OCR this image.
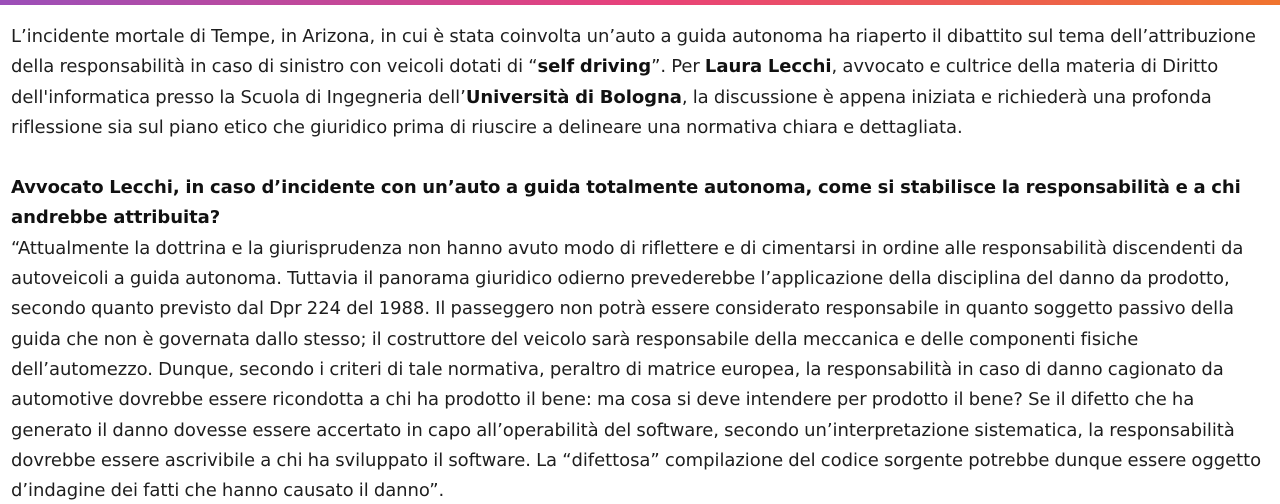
L’incidente mortale di Tempe, in Arizona, in cui è stata coinvolta un’auto a guida autonoma ha riaperto il dibattito sul tema dell’attribuzione della responsabilità in caso di sinistro con veicoli dotati di “self driving”. Per Laura Lecchi, avvocato e cultrice della materia di Diritto dell'informatica presso la Scuola di Ingegneria dell’Università di Bologna, la discussione è appena iniziata e richiederà una profonda riflessione sia sul piano etico che giuridico prima di riuscire a delineare una normativa chiara e dettagliata.

Avvocato Lecchi, in caso d’incidente con un’auto a guida totalmente autonoma, come si stabilisce la responsabilità e a chi andrebbe attribuita?

“Attualmente la dottrina e la giurisprudenza non hanno avuto modo di riflettere e di cimentarsi in ordine alle responsabilità discendenti da autoveicoli a guida autonoma. Tuttavia il panorama giuridico odierno prevederebbe l’applicazione della disciplina del danno da prodotto, secondo quanto previsto dal Dpr 224 del 1988. Il passeggero non potrà essere considerato responsabile in quanto soggetto passivo della guida che non è governata dallo stesso; il costruttore del veicolo sarà responsabile della meccanica e delle componenti fisiche dell’automezzo. Dunque, secondo i criteri di tale normativa, peraltro di matrice europea, la responsabilità in caso di danno cagionato da automotive dovrebbe essere ricondotta a chi ha prodotto il bene: ma cosa si deve intendere per prodotto il bene? Se il difetto che ha generato il danno dovesse essere accertato in capo all’operabilità del software, secondo un’interpretazione sistematica, la responsabilità dovrebbe essere ascrivibile a chi ha sviluppato il software. La “difettosa” compilazione del codice sorgente potrebbe dunque essere oggetto d’indagine dei fatti che hanno causato il danno”.
